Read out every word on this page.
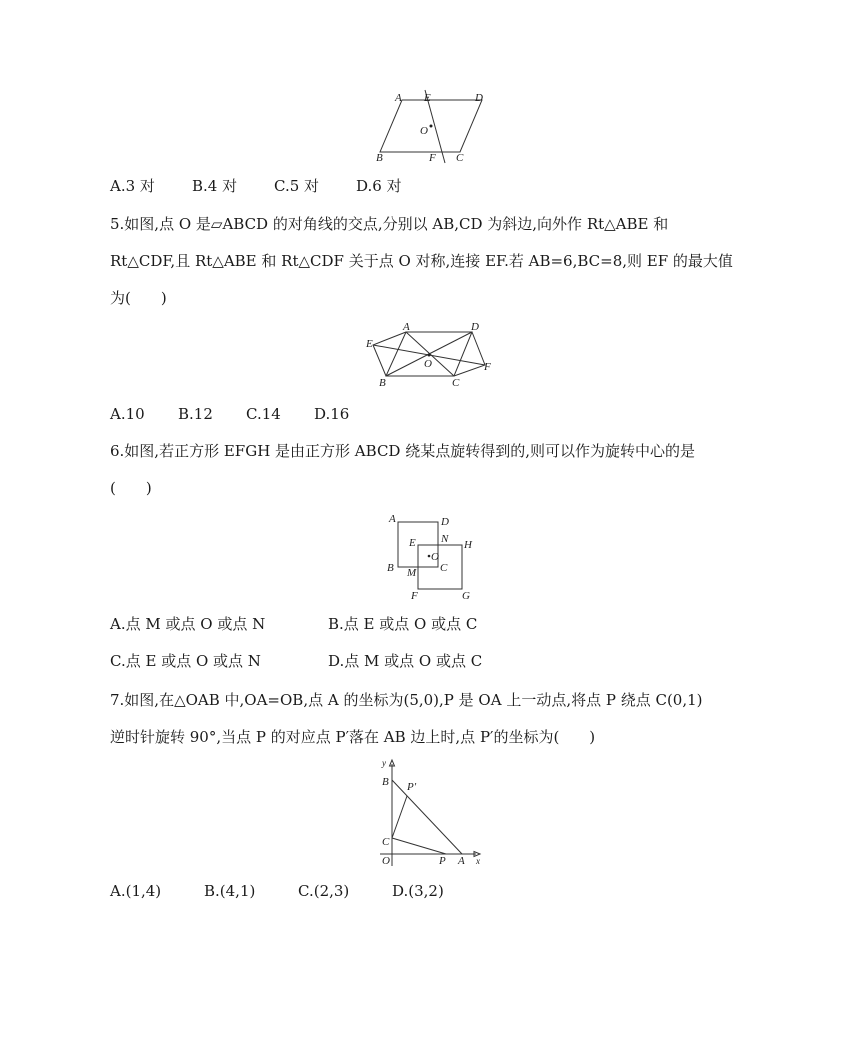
A E	D
O
B	F C
A.3 对 B.4 对 C.5 对 D.6 对
5.如图,点 O 是▱ABCD 的对角线的交点,分别以 AB,CD 为斜边,向外作 Rt△ABE 和
Rt△CDF,且 Rt△ABE 和 Rt△CDF 关于点 O 对称,连接 EF.若 AB=6,BC=8,则 EF 的最大值
为(　　)
A	D
E
O	F
B	C
A.10 B.12 C.14 D.16
6.如图,若正方形 EFGH 是由正方形 ABCD 绕某点旋转得到的,则可以作为旋转中心的是
(　　)
A	D
E N H
O
B M C
F	G
A.点 M 或点 O 或点 N	B.点 E 或点 O 或点 C
C.点 E 或点 O 或点 N	D.点 M 或点 O 或点 C
7.如图,在△OAB 中,OA=OB,点 A 的坐标为(5,0),P 是 OA 上一动点,将点 P 绕点 C(0,1)
逆时针旋转 90°,当点 P 的对应点 P′落在 AB 边上时,点 P′的坐标为(　　)
y
B P′
C
O	P A x
A.(1,4)	B.(4,1)	C.(2,3)	D.(3,2)
